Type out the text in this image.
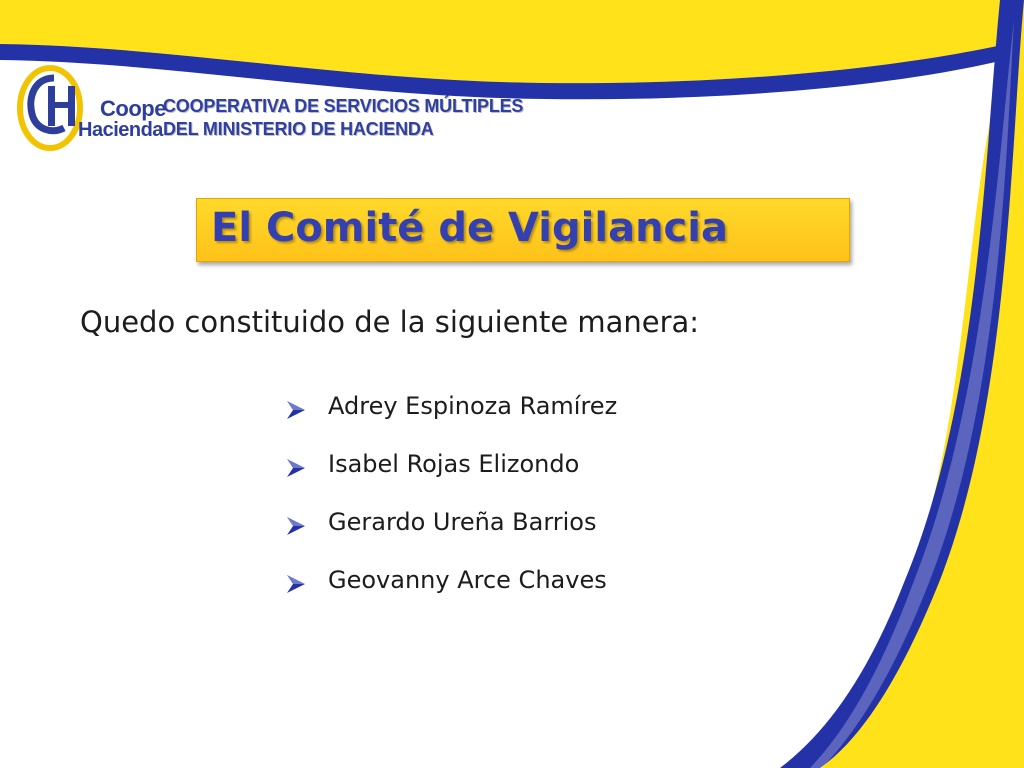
Coope
Hacienda
COOPERATIVA DE SERVICIOS MÚLTIPLES
DEL MINISTERIO DE HACIENDA
El Comité de Vigilancia
Quedo constituido de la siguiente manera:
Adrey Espinoza Ramírez
Isabel Rojas Elizondo
Gerardo Ureña Barrios
Geovanny Arce Chaves
